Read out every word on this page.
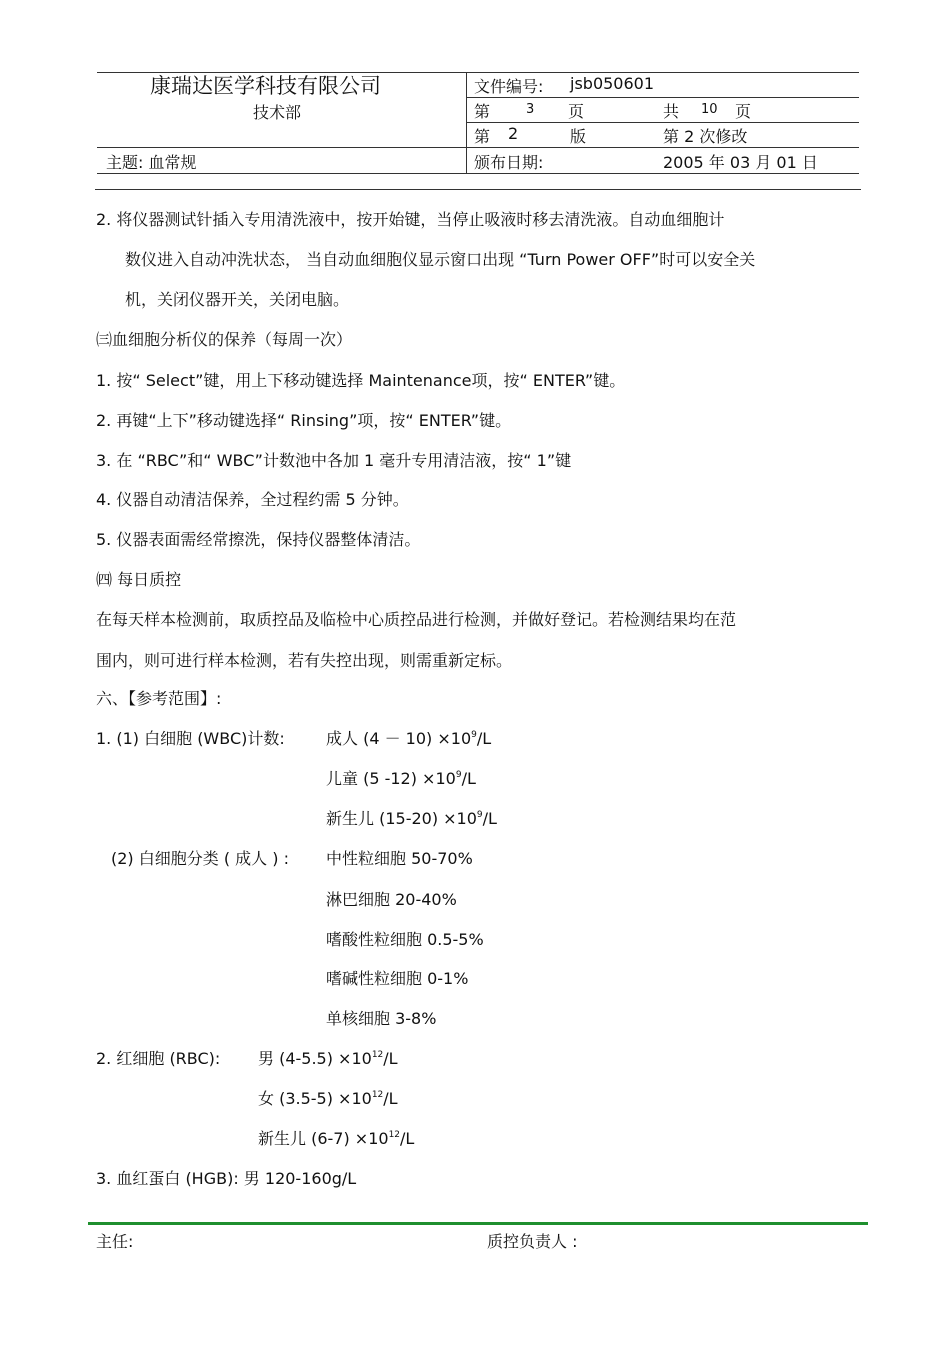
康瑞达医学科技有限公司
技术部
文件编号: jsb050601
第	3 页	共 10 页
第 2	版	第 2 次修改
主题: 血常规	颁布日期:	2005 年 03 月 01 日
2. 将仪器测试针插入专用清洗液中，按开始键，当停止吸液时移去清洗液。自动血细胞计
数仪进入自动冲洗状态， 当自动血细胞仪显示窗口出现 “Turn Power OFF”时可以安全关
机，关闭仪器开关，关闭电脑。
㈢血细胞分析仪的保养（每周一次）
1. 按“ Select”键，用上下移动键选择 Maintenance项，按“ ENTER”键。
2. 再键“上下”移动键选择“ Rinsing”项，按“ ENTER”键。
3. 在 “RBC”和“ WBC”计数池中各加 1 毫升专用清洁液，按“ 1”键
4. 仪器自动清洁保养，全过程约需 5 分钟。
5. 仪器表面需经常擦洗，保持仪器整体清洁。
㈣ 每日质控
在每天样本检测前，取质控品及临检中心质控品进行检测，并做好登记。若检测结果均在范
围内，则可进行样本检测，若有失控出现，则需重新定标。
六、【参考范围】:
1. (1) 白细胞 (WBC)计数:	成人 $(4 - 10) \times 10^9/L$
儿童 (5 $-12) \times 10^9/L$
新生儿 $(15-20) \times 10^9/L$
(2) 白细胞分类 ( 成人 ) : 中性粒细胞 50-70%
淋巴细胞 20-40%
嗜酸性粒细胞 0.5-5%
嗜碱性粒细胞 0-1%
单核细胞 3-8%
2. 红细胞 (RBC): 男 $(4-5.5) \times 10^{12}/L$
女 $(3.5-5) \times 10^{12}/L$
新生儿 $(6-7) \times 10^{12}/L$
3. 血红蛋白 (HGB): 男 120-160g/L
主任:	质控负责人 :
